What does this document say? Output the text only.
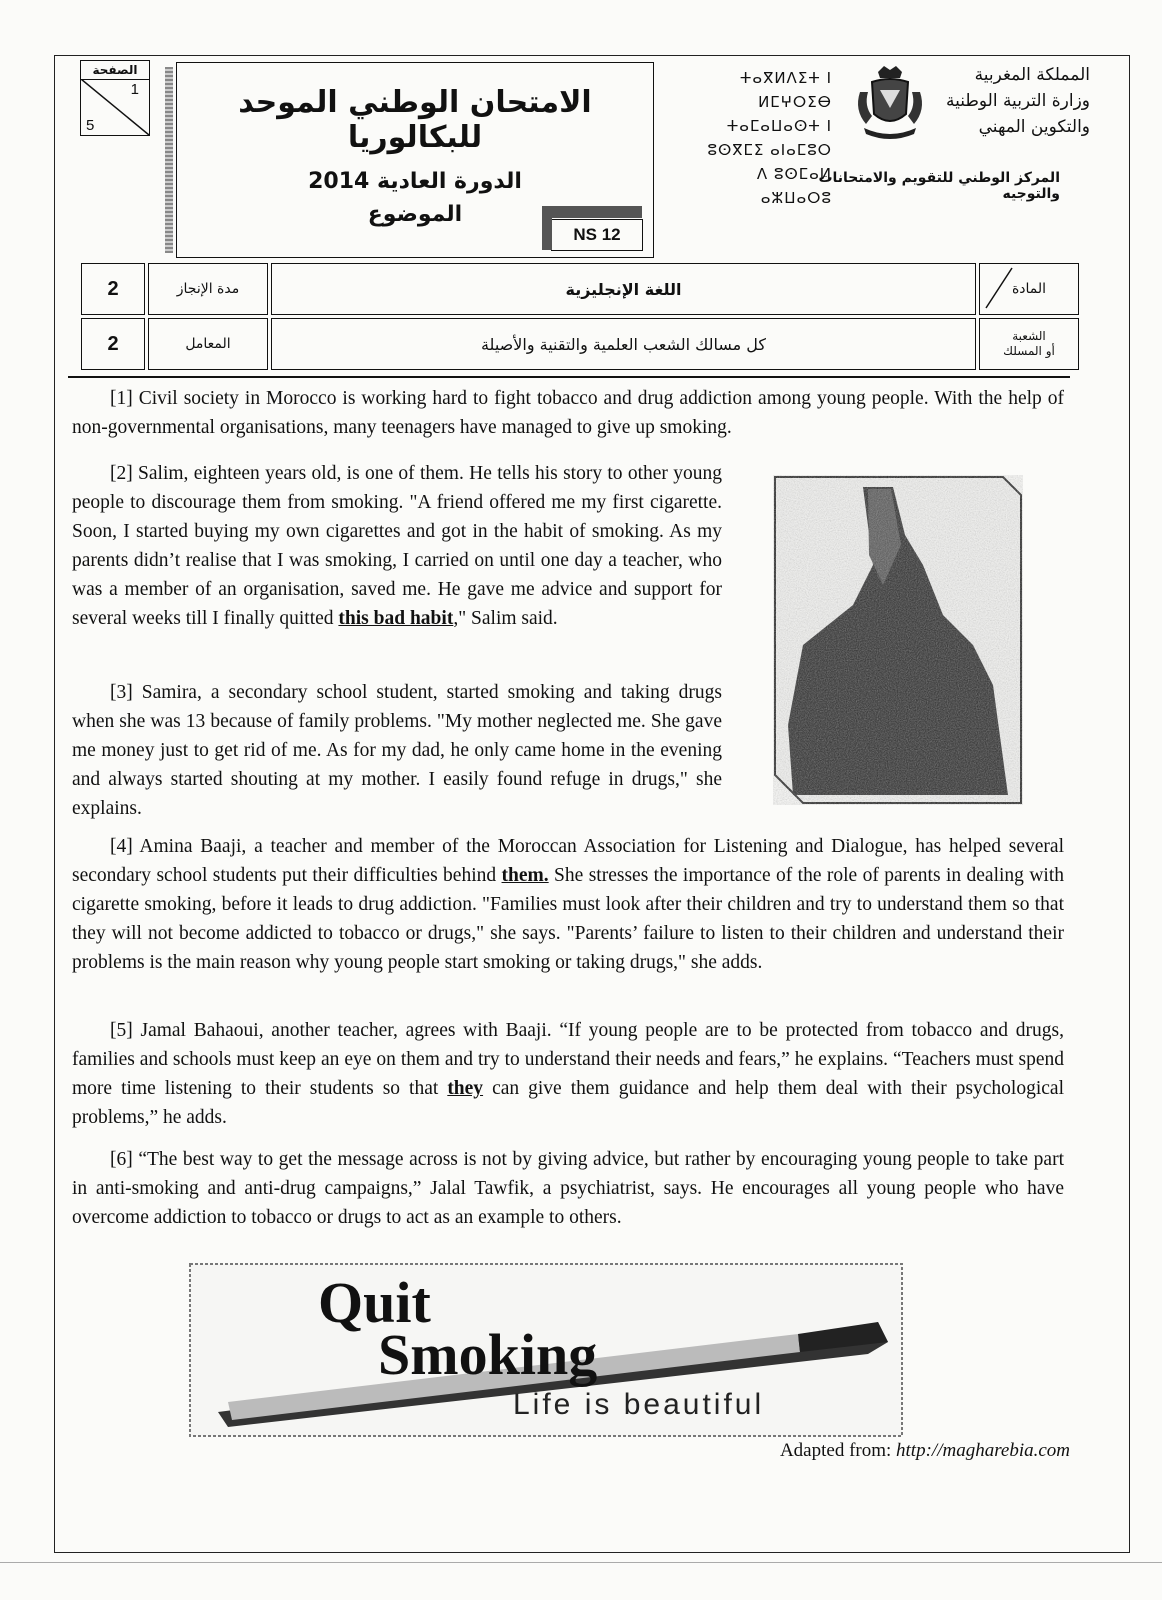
الصفحة
1
5
الامتحان الوطني الموحد للبكالوريا
الدورة العادية 2014
الموضوع
NS 12
ⵜⴰⴳⵍⴷⵉⵜ ⵏ ⵍⵎⵖⵔⵉⴱ
ⵜⴰⵎⴰⵡⴰⵙⵜ ⵏ ⵓⵙⴳⵎⵉ ⴰⵏⴰⵎⵓⵔ
ⴷ ⵓⵙⵎⴰⵍ ⴰⵣⵡⴰⵔⵓ
المملكة المغربية
وزارة التربية الوطنية
والتكوين المهني
المركز الوطني للتقويم والامتحانات والتوجيه
2	مدة الإنجاز	اللغة الإنجليزية	المادة
2	المعامل	كل مسالك الشعب العلمية والتقنية والأصيلة	الشعبة
أو المسلك
[1] Civil society in Morocco is working hard to fight tobacco and drug addiction among young people. With the help of non-governmental organisations, many teenagers have managed to give up smoking.
[2] Salim, eighteen years old, is one of them. He tells his story to other young people to discourage them from smoking. "A friend offered me my first cigarette. Soon, I started buying my own cigarettes and got in the habit of smoking. As my parents didn’t realise that I was smoking, I carried on until one day a teacher, who was a member of an organisation, saved me. He gave me advice and support for several weeks till I finally quitted this bad habit," Salim said.
[3] Samira, a secondary school student, started smoking and taking drugs when she was 13 because of family problems. "My mother neglected me. She gave me money just to get rid of me. As for my dad, he only came home in the evening and always started shouting at my mother. I easily found refuge in drugs," she explains.
[4] Amina Baaji, a teacher and member of the Moroccan Association for Listening and Dialogue, has helped several secondary school students put their difficulties behind them. She stresses the importance of the role of parents in dealing with cigarette smoking, before it leads to drug addiction. "Families must look after their children and try to understand them so that they will not become addicted to tobacco or drugs," she says. "Parents’ failure to listen to their children and understand their problems is the main reason why young people start smoking or taking drugs," she adds.
[5] Jamal Bahaoui, another teacher, agrees with Baaji. “If young people are to be protected from tobacco and drugs, families and schools must keep an eye on them and try to understand their needs and fears,” he explains. “Teachers must spend more time listening to their students so that they can give them guidance and help them deal with their psychological problems,” he adds.
[6] “The best way to get the message across is not by giving advice, but rather by encouraging young people to take part in anti-smoking and anti-drug campaigns,” Jalal Tawfik, a psychiatrist, says. He encourages all young people who have overcome addiction to tobacco or drugs to act as an example to others.
Quit
Smoking
Life is beautiful
Adapted from: http://magharebia.com
